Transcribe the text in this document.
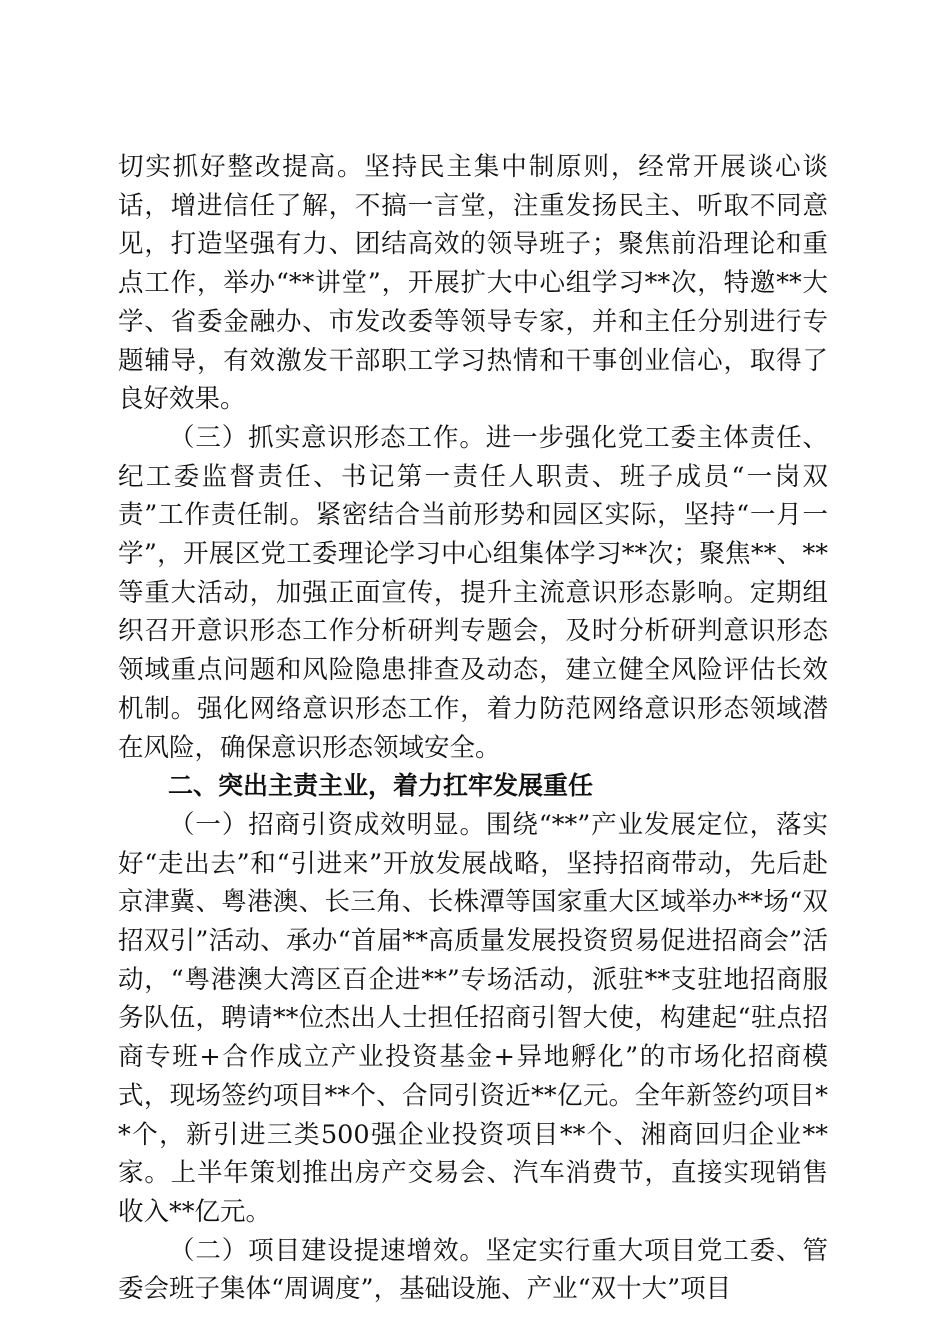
切实抓好整改提高。坚持民主集中制原则，经常开展谈心谈话，增进信任了解，不搞一言堂，注重发扬民主、听取不同意见，打造坚强有力、团结高效的领导班子；聚焦前沿理论和重点工作，举办“**讲堂”，开展扩大中心组学习**次，特邀**大学、省委金融办、市发改委等领导专家，并和主任分别进行专题辅导，有效激发干部职工学习热情和干事创业信心，取得了良好效果。

（三）抓实意识形态工作。进一步强化党工委主体责任、纪工委监督责任、书记第一责任人职责、班子成员“一岗双责”工作责任制。紧密结合当前形势和园区实际，坚持“一月一学”，开展区党工委理论学习中心组集体学习**次；聚焦**、**等重大活动，加强正面宣传，提升主流意识形态影响。定期组织召开意识形态工作分析研判专题会，及时分析研判意识形态领域重点问题和风险隐患排查及动态，建立健全风险评估长效机制。强化网络意识形态工作，着力防范网络意识形态领域潜在风险，确保意识形态领域安全。

二、突出主责主业，着力扛牢发展重任

（一）招商引资成效明显。围绕“**”产业发展定位，落实好“走出去”和“引进来”开放发展战略，坚持招商带动，先后赴京津冀、粤港澳、长三角、长株潭等国家重大区域举办**场“双招双引”活动、承办“首届**高质量发展投资贸易促进招商会”活动，“粤港澳大湾区百企进**”专场活动，派驻**支驻地招商服务队伍，聘请**位杰出人士担任招商引智大使，构建起“驻点招商专班+合作成立产业投资基金+异地孵化”的市场化招商模式，现场签约项目**个、合同引资近**亿元。全年新签约项目**个，新引进三类500强企业投资项目**个、湘商回归企业**家。上半年策划推出房产交易会、汽车消费节，直接实现销售收入**亿元。

（二）项目建设提速增效。坚定实行重大项目党工委、管委会班子集体“周调度”，基础设施、产业“双十大”项目
